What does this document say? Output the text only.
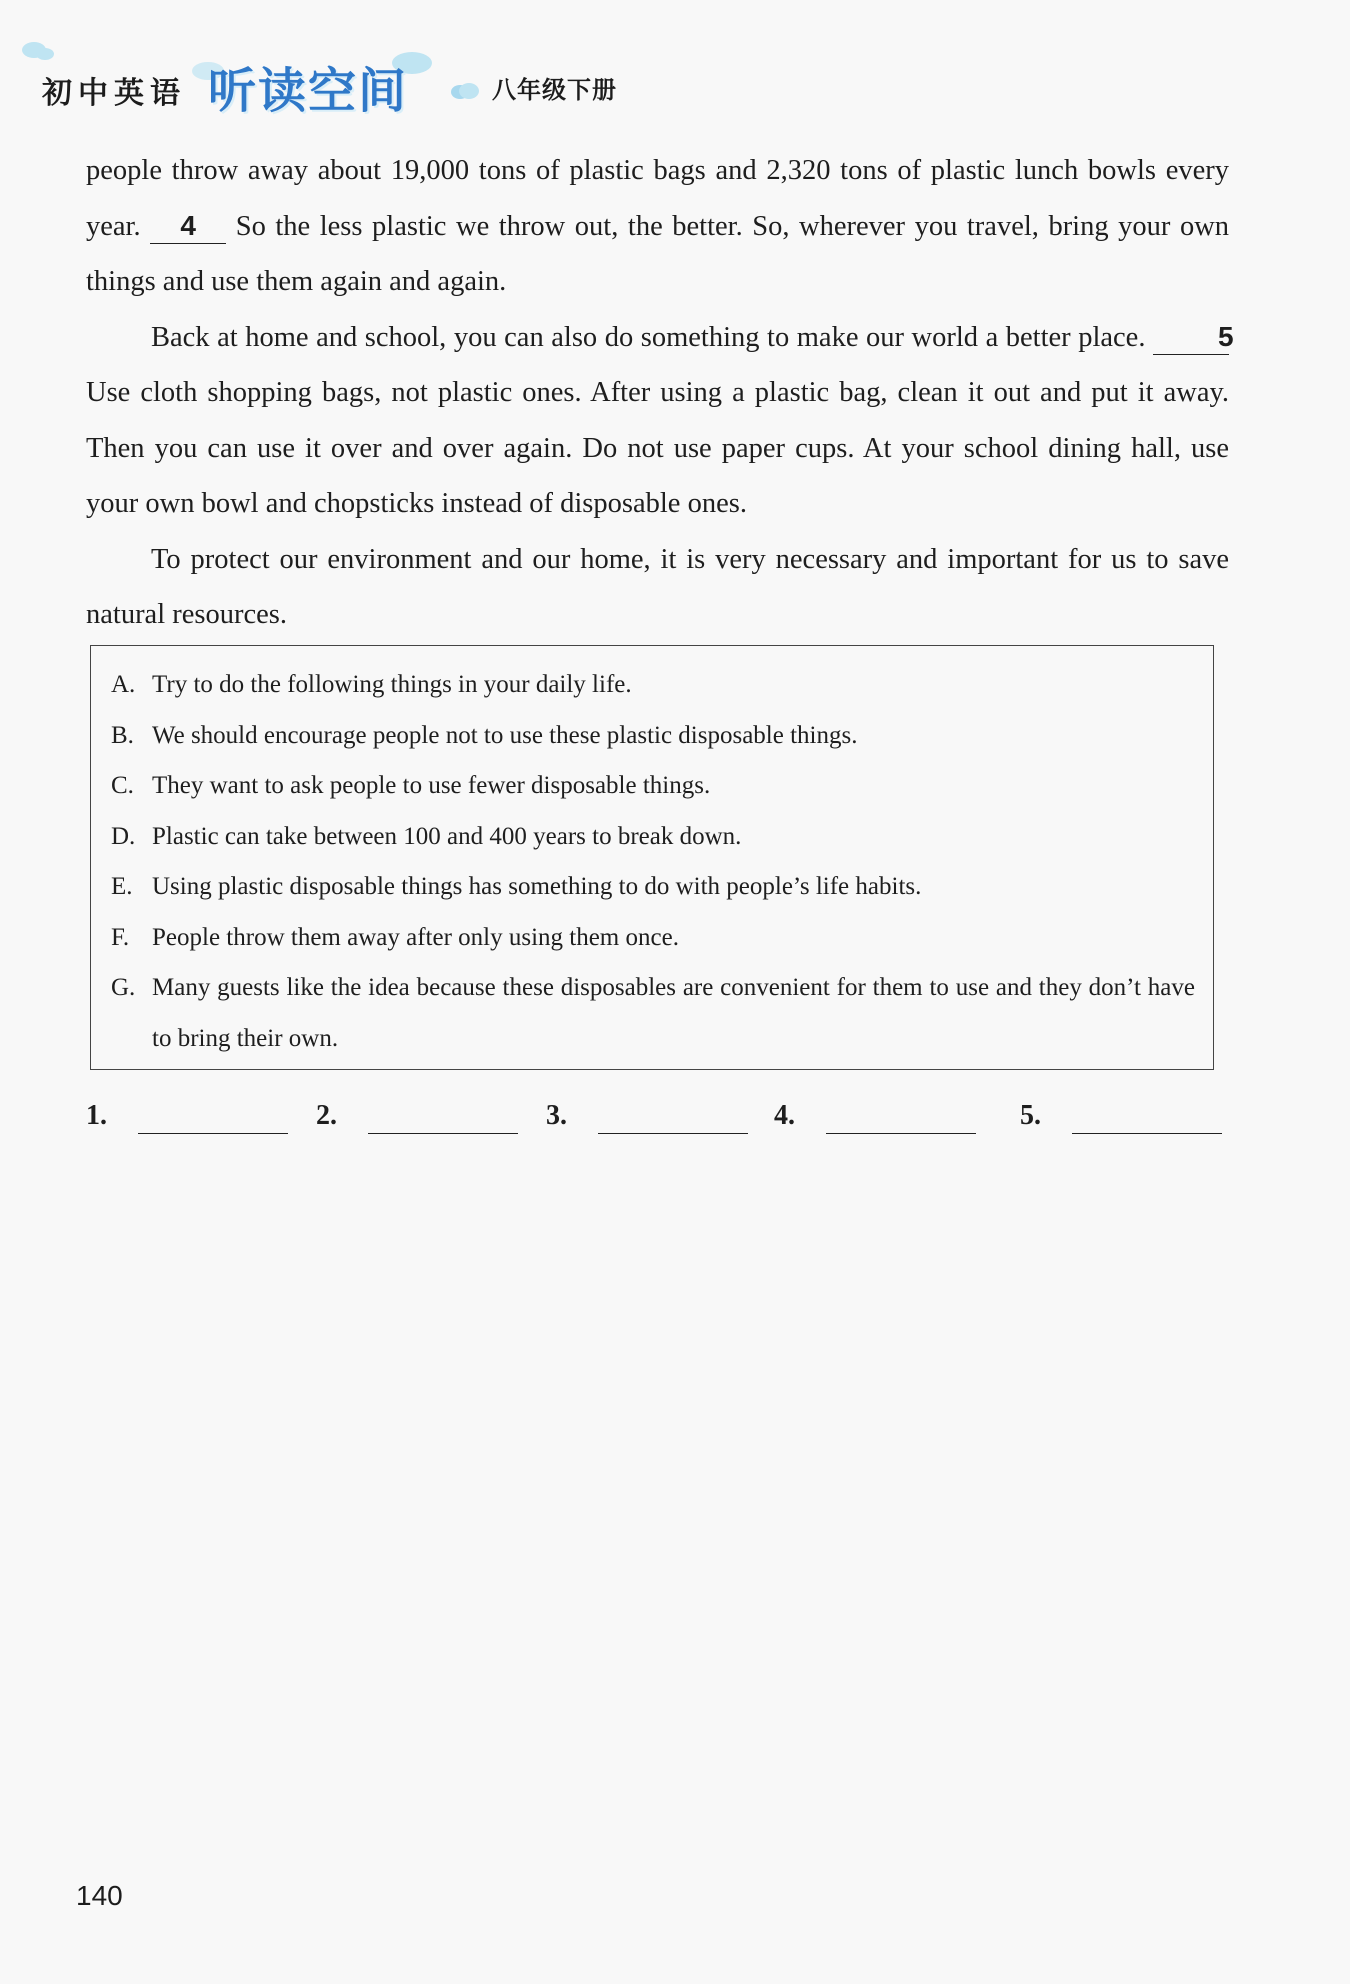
初中英语 听读空间	八年级下册

people throw away about 19,000 tons of plastic bags and 2,320 tons of plastic lunch bowls every year. 4 So the less plastic we throw out, the better. So, wherever you travel, bring your own things and use them again and again.

Back at home and school, you can also do something to make our world a better place.	5 Use cloth shopping bags, not plastic ones. After using a plastic bag, clean it out and put it away. Then you can use it over and over again. Do not use paper cups. At your school dining hall, use your own bowl and chopsticks instead of disposable ones.

To protect our environment and our home, it is very necessary and important for us to save natural resources.

A. Try to do the following things in your daily life.
B. We should encourage people not to use these plastic disposable things.
C. They want to ask people to use fewer disposable things.
D. Plastic can take between 100 and 400 years to break down.
E. Using plastic disposable things has something to do with people’s life habits.
F. People throw them away after only using them once.
G. Many guests like the idea because these disposables are convenient for them to use and they don’t have to bring their own.
1.	2.	3.	4.	5.
140
